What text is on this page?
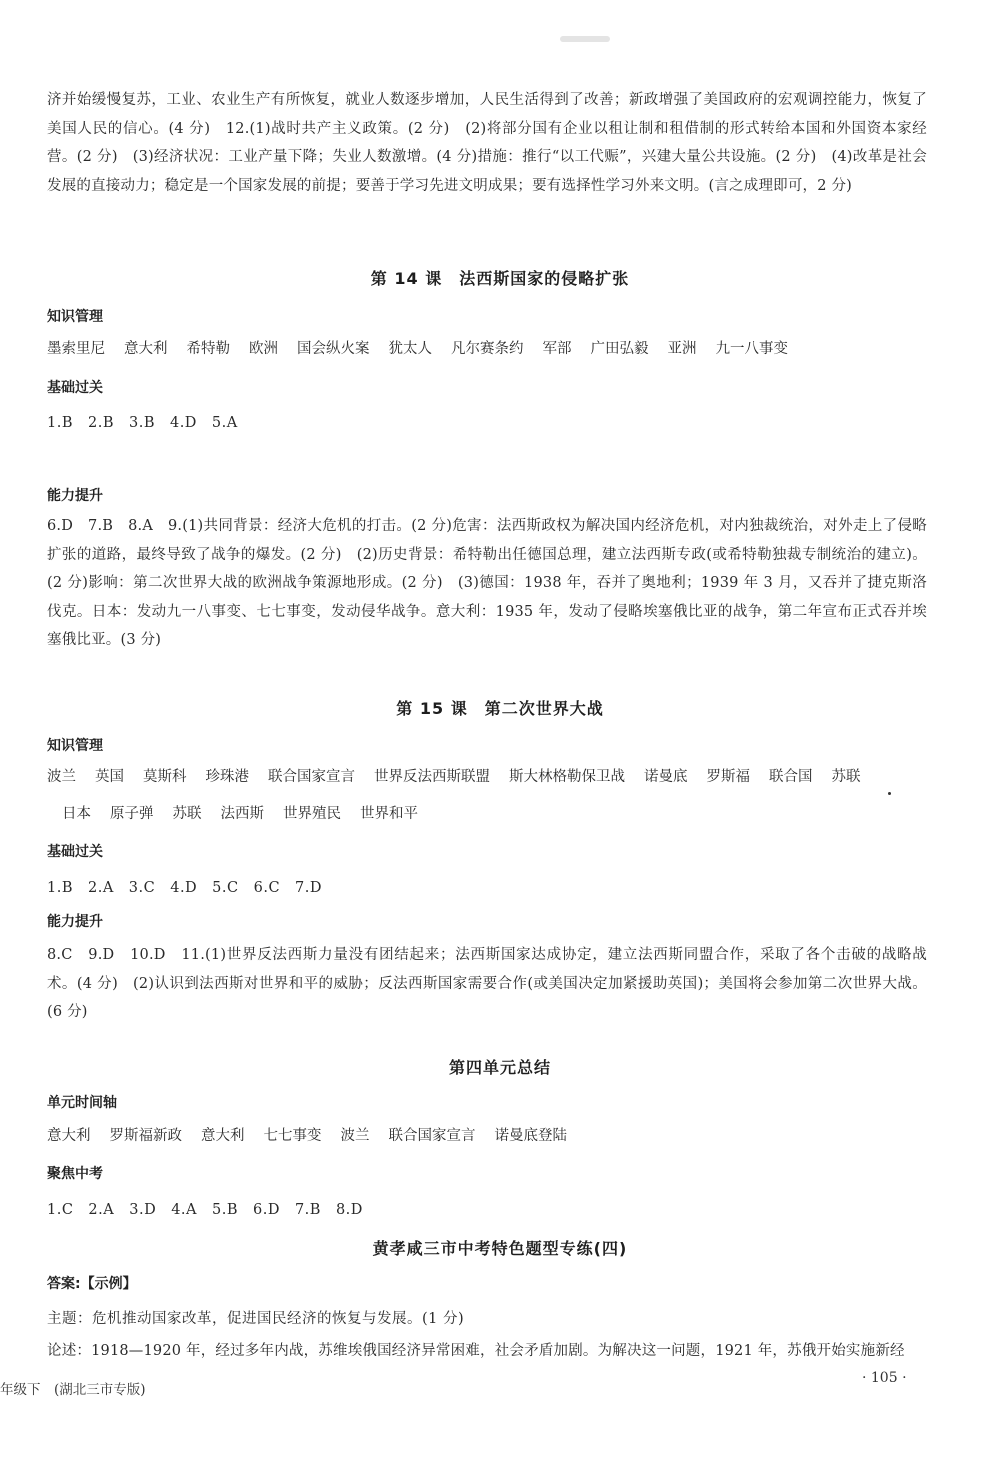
济并始缓慢复苏，工业、农业生产有所恢复，就业人数逐步增加，人民生活得到了改善；新政增强了美国政府的宏观调控能力，恢复了美国人民的信心。(4 分)　12.(1)战时共产主义政策。(2 分)　(2)将部分国有企业以租让制和租借制的形式转给本国和外国资本家经营。(2 分)　(3)经济状况：工业产量下降；失业人数激增。(4 分)措施：推行“以工代赈”，兴建大量公共设施。(2 分)　(4)改革是社会发展的直接动力；稳定是一个国家发展的前提；要善于学习先进文明成果；要有选择性学习外来文明。(言之成理即可，2 分)

第 14 课　法西斯国家的侵略扩张
知识管理
墨索里尼 意大利 希特勒 欧洲 国会纵火案 犹太人 凡尔赛条约 军部 广田弘毅 亚洲 九一八事变
基础过关
1.B　2.B　3.B　4.D　5.A
能力提升

6.D　7.B　8.A　9.(1)共同背景：经济大危机的打击。(2 分)危害：法西斯政权为解决国内经济危机，对内独裁统治，对外走上了侵略扩张的道路，最终导致了战争的爆发。(2 分)　(2)历史背景：希特勒出任德国总理，建立法西斯专政(或希特勒独裁专制统治的建立)。(2 分)影响：第二次世界大战的欧洲战争策源地形成。(2 分)　(3)德国：1938 年，吞并了奥地利；1939 年 3 月，又吞并了捷克斯洛伐克。日本：发动九一八事变、七七事变，发动侵华战争。意大利：1935 年，发动了侵略埃塞俄比亚的战争，第二年宣布正式吞并埃塞俄比亚。(3 分)

第 15 课　第二次世界大战
知识管理
波兰 英国 莫斯科 珍珠港 联合国家宣言 世界反法西斯联盟 斯大林格勒保卫战 诺曼底 罗斯福 联合国 苏联
日本 原子弹 苏联 法西斯 世界殖民 世界和平
基础过关
1.B　2.A　3.C　4.D　5.C　6.C　7.D
能力提升

8.C　9.D　10.D　11.(1)世界反法西斯力量没有团结起来；法西斯国家达成协定，建立法西斯同盟合作，采取了各个击破的战略战术。(4 分)　(2)认识到法西斯对世界和平的威胁；反法西斯国家需要合作(或美国决定加紧援助英国)；美国将会参加第二次世界大战。(6 分)

第四单元总结
单元时间轴
意大利 罗斯福新政 意大利 七七事变 波兰 联合国家宣言 诺曼底登陆
聚焦中考
1.C　2.A　3.D　4.A　5.B　6.D　7.B　8.D
黄孝咸三市中考特色题型专练(四)
答案:【示例】
主题：危机推动国家改革，促进国民经济的恢复与发展。(1 分)

论述：1918—1920 年，经过多年内战，苏维埃俄国经济异常困难，社会矛盾加剧。为解决这一问题，1921 年，苏俄开始实施新经

年级下　(湖北三市专版)
· 105 ·
